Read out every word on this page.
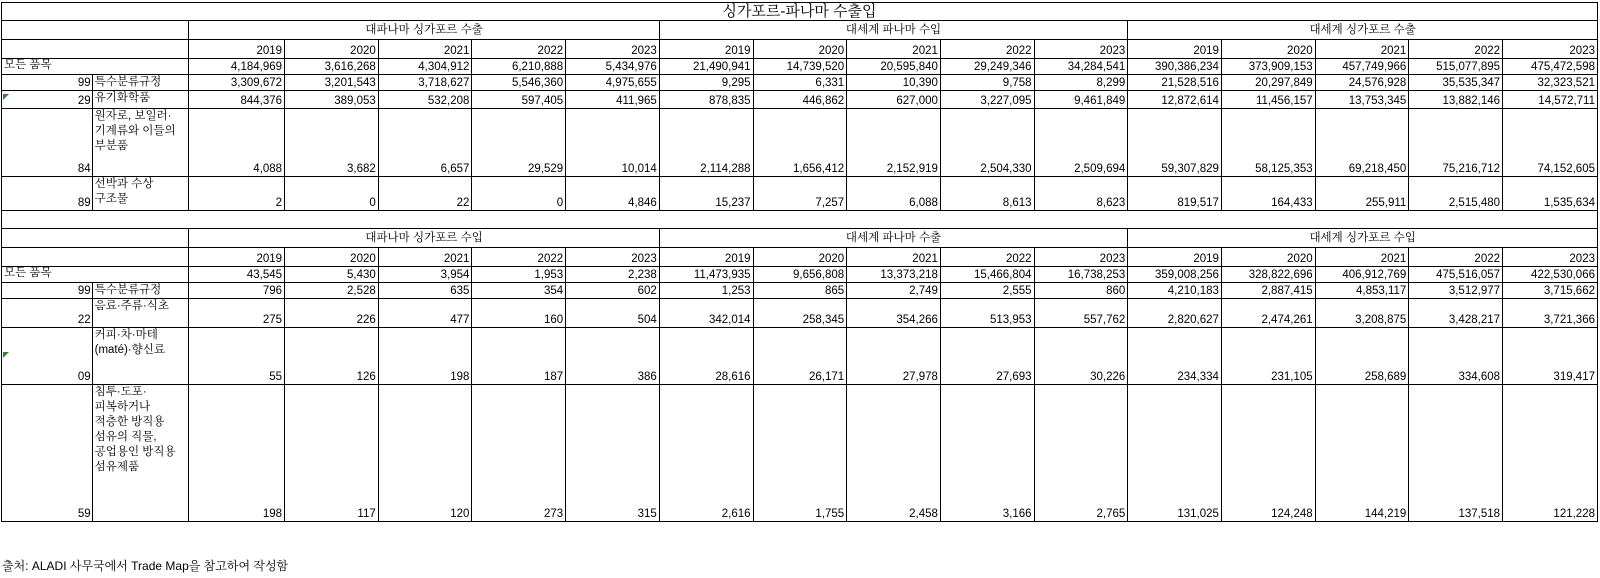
싱가포르-파나마 수출입																
		대파나마 싱가포르 수출					대세계 파나마 수입					대세계 싱가포르 수출				
		2019	2020	2021	2022	2023	2019	2020	2021	2022	2023	2019	2020	2021	2022	2023
모든 품목		4,184,969	3,616,268	4,304,912	6,210,888	5,434,976	21,490,941	14,739,520	20,595,840	29,249,346	34,284,541	390,386,234	373,909,153	457,749,966	515,077,895	475,472,598
99	특수분류규정	3,309,672	3,201,543	3,718,627	5,546,360	4,975,655	9,295	6,331	10,390	9,758	8,299	21,528,516	20,297,849	24,576,928	35,535,347	32,323,521
29	유기화학품	844,376	389,053	532,208	597,405	411,965	878,835	446,862	627,000	3,227,095	9,461,849	12,872,614	11,456,157	13,753,345	13,882,146	14,572,711
84	원자로, 보일러·기계류와 이들의 부분품	4,088	3,682	6,657	29,529	10,014	2,114,288	1,656,412	2,152,919	2,504,330	2,509,694	59,307,829	58,125,353	69,218,450	75,216,712	74,152,605
89	선박과 수상 구조물	2	0	22	0	4,846	15,237	7,257	6,088	8,613	8,623	819,517	164,433	255,911	2,515,480	1,535,634

		대파나마 싱가포르 수입					대세계 파나마 수출					대세계 싱가포르 수입				
		2019	2020	2021	2022	2023	2019	2020	2021	2022	2023	2019	2020	2021	2022	2023
모든 품목		43,545	5,430	3,954	1,953	2,238	11,473,935	9,656,808	13,373,218	15,466,804	16,738,253	359,008,256	328,822,696	406,912,769	475,516,057	422,530,066
99	특수분류규정	796	2,528	635	354	602	1,253	865	2,749	2,555	860	4,210,183	2,887,415	4,853,117	3,512,977	3,715,662
22	음료·주류·식초	275	226	477	160	504	342,014	258,345	354,266	513,953	557,762	2,820,627	2,474,261	3,208,875	3,428,217	3,721,366
09	커피·차·마테(maté)·향신료	55	126	198	187	386	28,616	26,171	27,978	27,693	30,226	234,334	231,105	258,689	334,608	319,417
59	침투·도포·피복하거나 적층한 방직용 섬유의 직물, 공업용인 방직용 섬유제품	198	117	120	273	315	2,616	1,755	2,458	3,166	2,765	131,025	124,248	144,219	137,518	121,228
출처: ALADI 사무국에서 Trade Map을 참고하여 작성함
